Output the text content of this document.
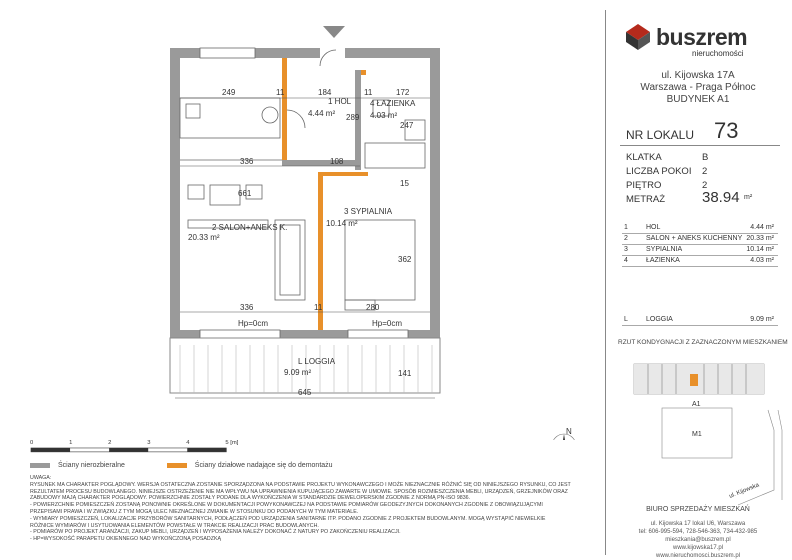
249	11	184	11	172
289
247
336	108
661
15
362
336	11	280
141
645
1 HOL
4.44 m²
4 ŁAZIENKA
4.03 m²
2 SALON+ANEKS K.
20.33 m²
3 SYPIALNIA
10.14 m²
Hp=0cm	Hp=0cm
L LOGGIA
9.09 m²
N
0	1	2	3	4	5 [m]
Ściany nierozbieralne	Ściany działowe nadające się do demontażu
UWAGA:
RYSUNEK MA CHARAKTER POGLĄDOWY. WERSJA OSTATECZNA ZOSTANIE SPORZĄDZONA NA PODSTAWIE PROJEKTU WYKONAWCZEGO I MOŻE NIEZNACZNIE RÓŻNIĆ SIĘ OD NINIEJSZEGO RYSUNKU, CO JEST
REZULTATEM PROCESU BUDOWLANEGO. NINIEJSZE OSTRZEŻENIE NIE MA WPŁYWU NA UPRAWNIENIA KUPUJĄCEGO ZAWARTE W UMOWIE. SPOSÓB ROZMIESZCZENIA MEBLI, URZĄDZEŃ, GRZEJNIKÓW ORAZ
ZABUDOWY MAJĄ CHARAKTER POGLĄDOWY. POWIERZCHNIE ZOSTAŁY PODANE DLA WYKOŃCZENIA W STANDARDZIE DEWELOPERSKIM ZGODNIE Z NORMĄ PN-ISO 9836.
- POWIERZCHNIE POMIESZCZEŃ ZOSTANĄ PONOWNIE OKREŚLONE W DOKUMENTACJI POWYKONAWCZEJ NA PODSTAWIE POMIARÓW GEODEZYJNYCH DOKONANYCH ZGODNIE Z OBOWIĄZUJĄCYMI
PRZEPISAMI PRAWA I W ZWIĄZKU Z TYM MOGĄ ULEC NIEZNACZNEJ ZMIANIE W STOSUNKU DO PODANYCH W TYM MATERIALE.
- WYMIARY POMIESZCZEŃ, LOKALIZACJE PRZYBORÓW SANITARNYCH, PODŁĄCZEŃ POD URZĄDZENIA SANITARNE ITP. PODANO ZGODNIE Z PROJEKTEM BUDOWLANYM. MOGĄ WYSTĄPIĆ NIEWIELKIE
RÓŻNICE WYMIARÓW I USYTUOWANIA ELEMENTÓW POWSTAŁE W TRAKCIE REALIZACJI PRAC BUDOWLANYCH.
- POMIARÓW PO PROJEKT ARANŻACJI, ZAKUP MEBLI, URZĄDZEŃ I WYPOSAŻENIA NALEŻY DOKONAĆ Z NATURY PO ZAKOŃCZENIU REALIZACJI.
- HP=WYSOKOŚĆ PARAPETU OKIENNEGO NAD WYKOŃCZONĄ POSADZKĄ
buszrem
nieruchomości
ul. Kijowska 17A
Warszawa - Praga Północ
BUDYNEK A1
NR LOKALU 73
KLATKA	B
LICZBA POKOI 2
PIĘTRO	2
METRAŻ 38.94 m²
1	HOL	4.44 m²
2	SALON + ANEKS KUCHENNY 20.33 m²
3	SYPIALNIA	10.14 m²
4	ŁAZIENKA	4.03 m²
L	LOGGIA	9.09 m²
RZUT KONDYGNACJI Z ZAZNACZONYM MIESZKANIEM
A1
M1
ul. Kijowska
BIURO SPRZEDAŻY MIESZKAŃ
ul. Kijowska 17 lokal U6, Warszawa
tel: 606-995-594, 728-546-363, 734-432-985
mieszkania@buszrem.pl
www.kijowska17.pl
www.nieruchomosci.buszrem.pl
